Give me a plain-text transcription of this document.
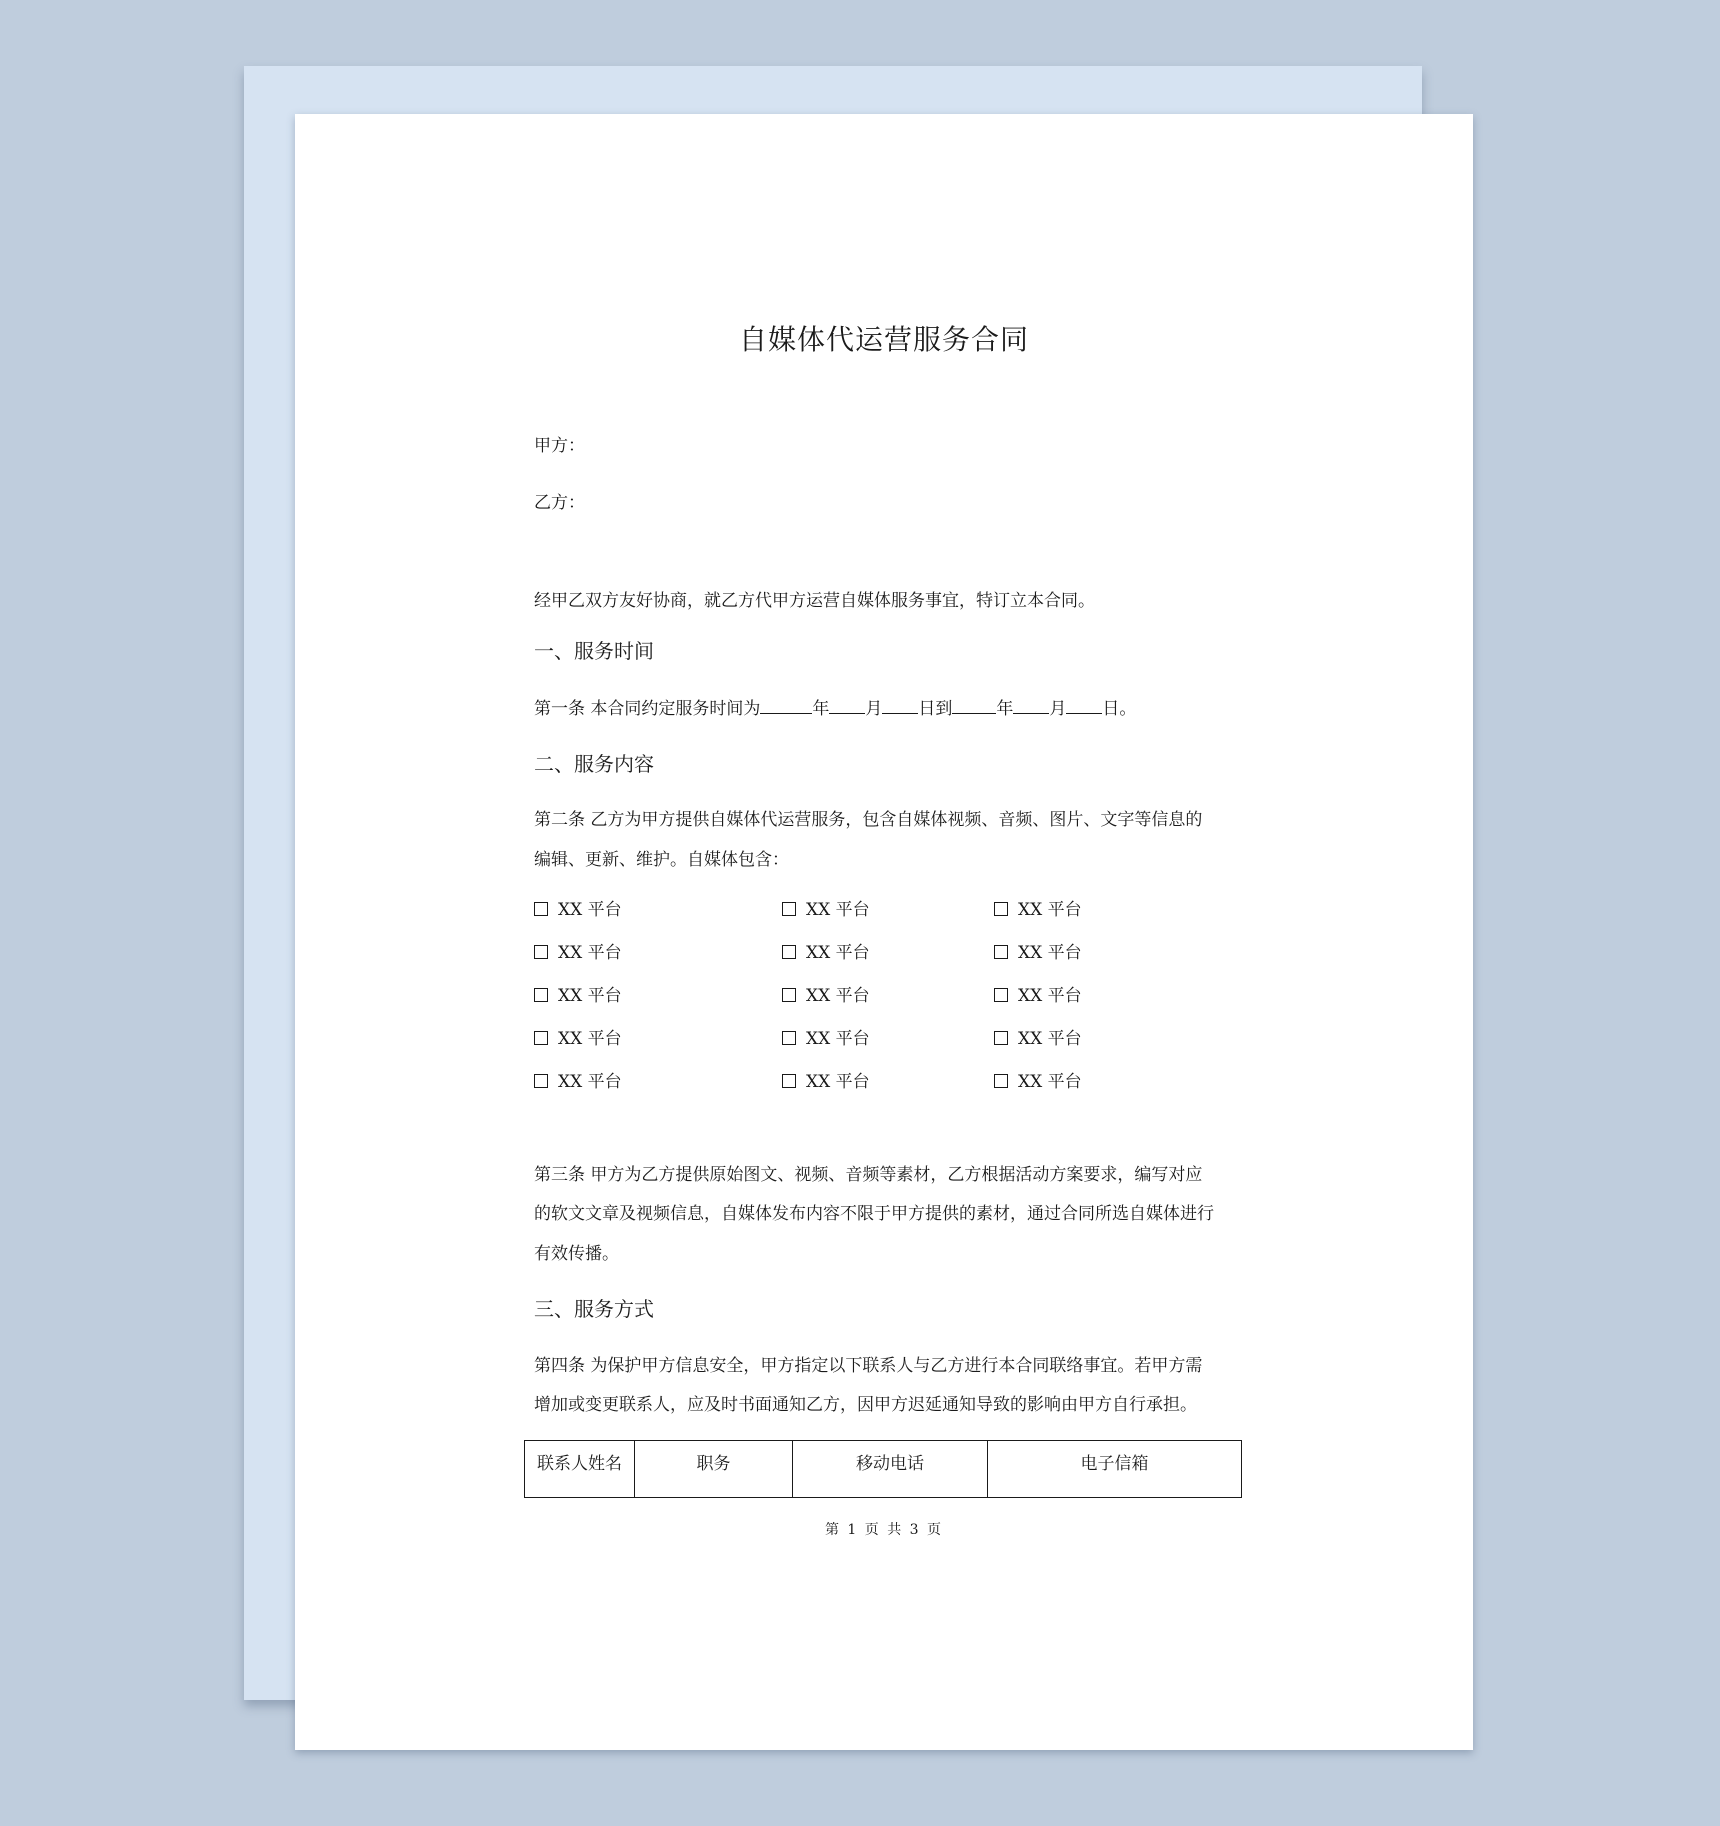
自媒体代运营服务合同
甲方：
乙方：
经甲乙双方友好协商，就乙方代甲方运营自媒体服务事宜，特订立本合同。
一、服务时间
第一条 本合同约定服务时间为	年 月 日到	年 月 日。
二、服务内容
第二条 乙方为甲方提供自媒体代运营服务，包含自媒体视频、音频、图片、文字等信息的
编辑、更新、维护。自媒体包含：
XX 平台	XX 平台	XX 平台
XX 平台	XX 平台	XX 平台
XX 平台	XX 平台	XX 平台
XX 平台	XX 平台	XX 平台
XX 平台	XX 平台	XX 平台
第三条 甲方为乙方提供原始图文、视频、音频等素材，乙方根据活动方案要求，编写对应
的软文文章及视频信息，自媒体发布内容不限于甲方提供的素材，通过合同所选自媒体进行
有效传播。
三、服务方式
第四条 为保护甲方信息安全，甲方指定以下联系人与乙方进行本合同联络事宜。若甲方需
增加或变更联系人，应及时书面通知乙方，因甲方迟延通知导致的影响由甲方自行承担。
联系人姓名	职务	移动电话	电子信箱
第 1 页 共 3 页
